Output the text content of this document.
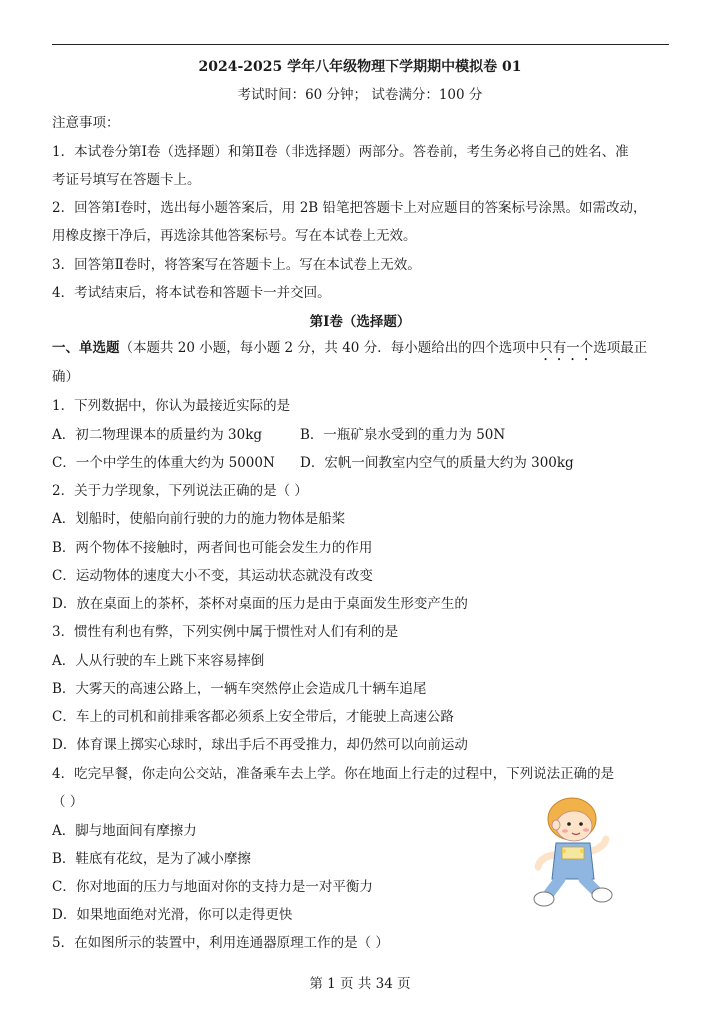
2024-2025 学年八年级物理下学期期中模拟卷 01
考试时间：60 分钟； 试卷满分：100 分
注意事项：
1．本试卷分第Ⅰ卷（选择题）和第Ⅱ卷（非选择题）两部分。答卷前，考生务必将自己的姓名、准
考证号填写在答题卡上。
2．回答第Ⅰ卷时，选出每小题答案后，用 2B 铅笔把答题卡上对应题目的答案标号涂黑。如需改动，
用橡皮擦干净后，再选涂其他答案标号。写在本试卷上无效。
3．回答第Ⅱ卷时，将答案写在答题卡上。写在本试卷上无效。
4．考试结束后，将本试卷和答题卡一并交回。
第Ⅰ卷（选择题）
一、单选题（本题共 20 小题，每小题 2 分，共 40 分．每小题给出的四个选项中只有一个选项最正
确）
1．下列数据中，你认为最接近实际的是
A．初二物理课本的质量约为 30kg	B．一瓶矿泉水受到的重力为 50N
C．一个中学生的体重大约为 5000N D．宏帆一间教室内空气的质量大约为 300kg
2．关于力学现象，下列说法正确的是（ ）
A．划船时，使船向前行驶的力的施力物体是船桨
B．两个物体不接触时，两者间也可能会发生力的作用
C．运动物体的速度大小不变，其运动状态就没有改变
D．放在桌面上的茶杯，茶杯对桌面的压力是由于桌面发生形变产生的
3．惯性有利也有弊，下列实例中属于惯性对人们有利的是
A．人从行驶的车上跳下来容易摔倒
B．大雾天的高速公路上，一辆车突然停止会造成几十辆车追尾
C．车上的司机和前排乘客都必须系上安全带后，才能驶上高速公路
D．体育课上掷实心球时，球出手后不再受推力，却仍然可以向前运动
4．吃完早餐，你走向公交站，准备乘车去上学。你在地面上行走的过程中，下列说法正确的是
（ ）
A．脚与地面间有摩擦力
B．鞋底有花纹，是为了减小摩擦
C．你对地面的压力与地面对你的支持力是一对平衡力
D．如果地面绝对光滑，你可以走得更快
5．在如图所示的装置中，利用连通器原理工作的是（ ）
第 1 页 共 34 页
